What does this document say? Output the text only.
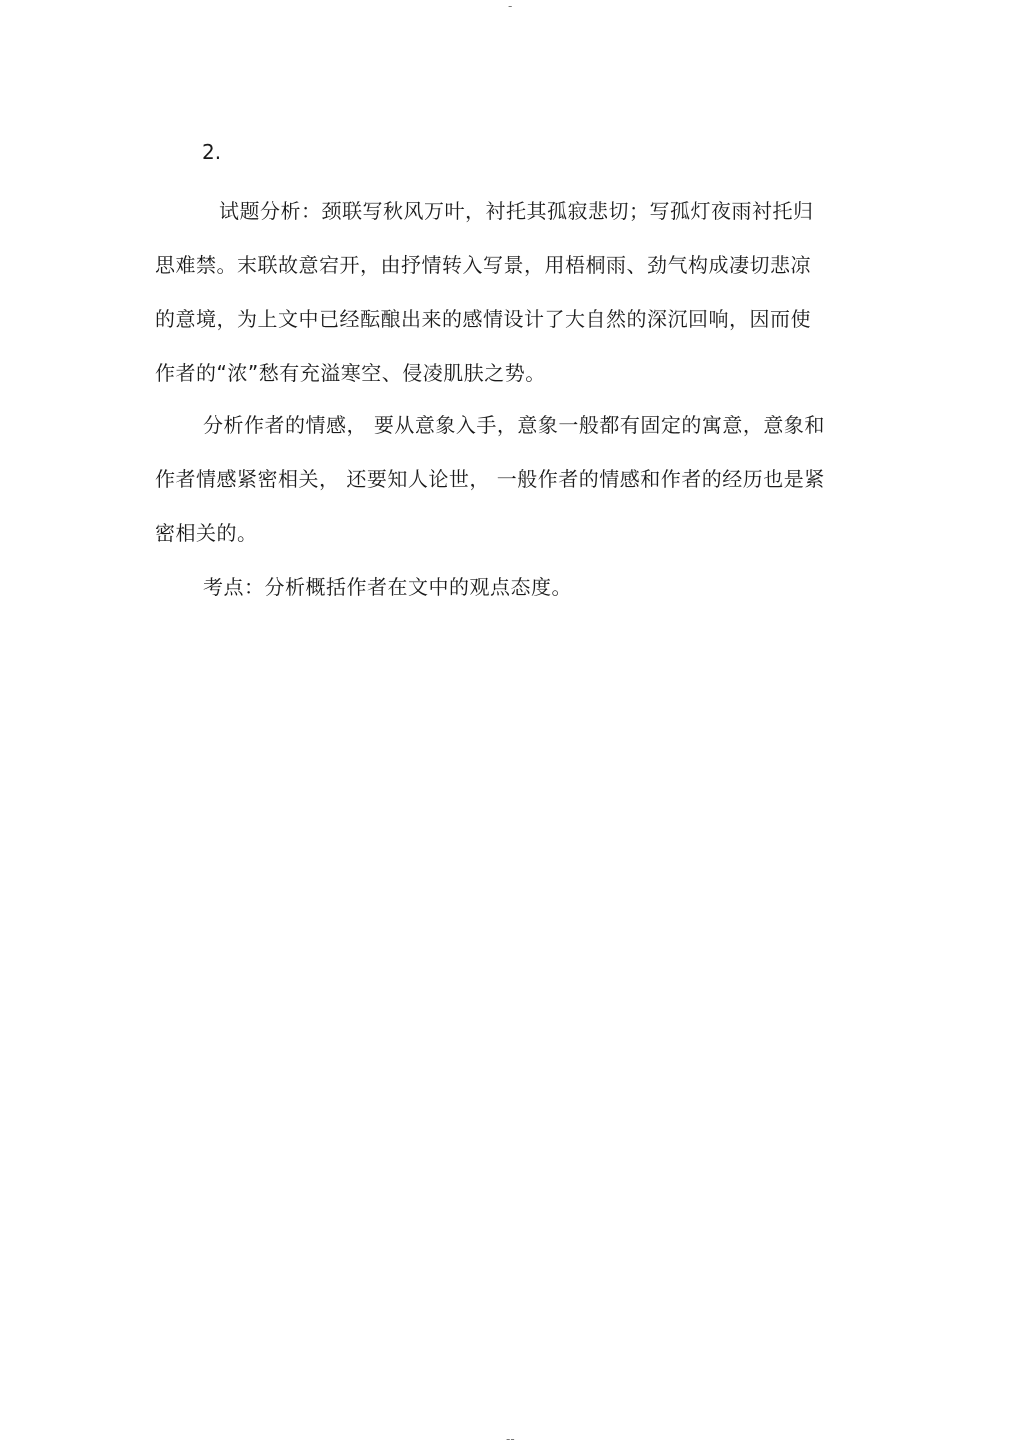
-
2.

试题分析：颈联写秋风万叶，衬托其孤寂悲切；写孤灯夜雨衬托归思难禁。末联故意宕开，由抒情转入写景，用梧桐雨、劲气构成凄切悲凉的意境，为上文中已经酝酿出来的感情设计了大自然的深沉回响，因而使作者的“浓”愁有充溢寒空、侵凌肌肤之势。

分析作者的情感， 要从意象入手，意象一般都有固定的寓意，意象和作者情感紧密相关， 还要知人论世， 一般作者的情感和作者的经历也是紧密相关的。

考点：分析概括作者在文中的观点态度。

--
